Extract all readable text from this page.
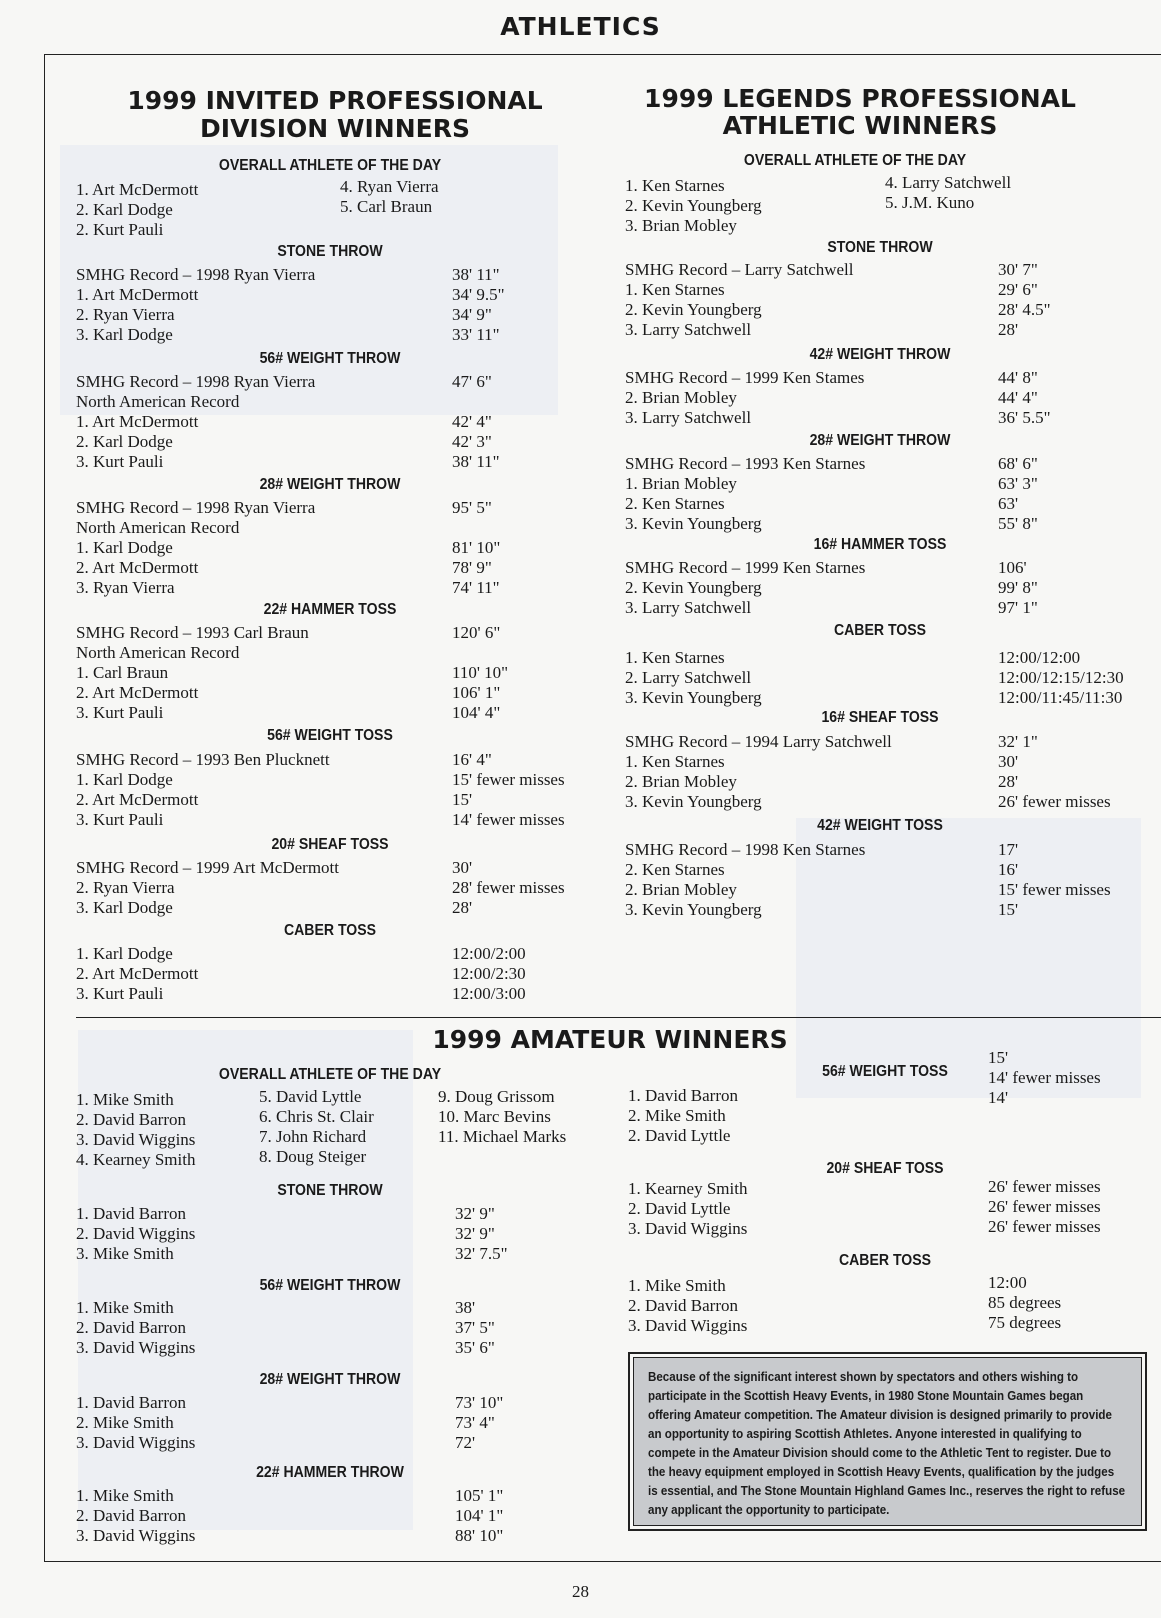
ATHLETICS
1999 INVITED PROFESSIONAL
DIVISION WINNERS
1999 LEGENDS PROFESSIONAL
ATHLETIC WINNERS
1999 AMATEUR WINNERS
28
Because of the significant interest shown by spectators and others wishing to participate in the Scottish Heavy Events, in 1980 Stone Mountain Games began offering Amateur competition. The Amateur division is designed primarily to provide an opportunity to aspiring Scottish Athletes. Anyone interested in qualifying to compete in the Amateur Division should come to the Athletic Tent to register. Due to the heavy equipment employed in Scottish Heavy Events, qualification by the judges is essential, and The Stone Mountain Highland Games Inc., reserves the right to refuse any applicant the opportunity to participate.
OVERALL ATHLETE OF THE DAY
1. Art McDermott
2. Karl Dodge
2. Kurt Pauli
4. Ryan Vierra
5. Carl Braun
STONE THROW
SMHG Record – 1998 Ryan Vierra
1. Art McDermott
2. Ryan Vierra
3. Karl Dodge
38' 11"
34' 9.5"
34' 9"
33' 11"
56# WEIGHT THROW
SMHG Record – 1998 Ryan Vierra
North American Record
1. Art McDermott
2. Karl Dodge
3. Kurt Pauli
47' 6"
42' 4"
42' 3"
38' 11"
28# WEIGHT THROW
SMHG Record – 1998 Ryan Vierra
North American Record
1. Karl Dodge
2. Art McDermott
3. Ryan Vierra
95' 5"
81' 10"
78' 9"
74' 11"
22# HAMMER TOSS
SMHG Record – 1993 Carl Braun
North American Record
1. Carl Braun
2. Art McDermott
3. Kurt Pauli
120' 6"
110' 10"
106' 1"
104' 4"
56# WEIGHT TOSS
SMHG Record – 1993 Ben Plucknett
1. Karl Dodge
2. Art McDermott
3. Kurt Pauli
16' 4"
15' fewer misses
15'
14' fewer misses
20# SHEAF TOSS
SMHG Record – 1999 Art McDermott
2. Ryan Vierra
3. Karl Dodge
30'
28' fewer misses
28'
CABER TOSS
1. Karl Dodge
2. Art McDermott
3. Kurt Pauli
12:00/2:00
12:00/2:30
12:00/3:00
OVERALL ATHLETE OF THE DAY
1. Ken Starnes
2. Kevin Youngberg
3. Brian Mobley
4. Larry Satchwell
5. J.M. Kuno
STONE THROW
SMHG Record – Larry Satchwell
1. Ken Starnes
2. Kevin Youngberg
3. Larry Satchwell
30' 7"
29' 6"
28' 4.5"
28'
42# WEIGHT THROW
SMHG Record – 1999 Ken Stames
2. Brian Mobley
3. Larry Satchwell
44' 8"
44' 4"
36' 5.5"
28# WEIGHT THROW
SMHG Record – 1993 Ken Starnes
1. Brian Mobley
2. Ken Starnes
3. Kevin Youngberg
68' 6"
63' 3"
63'
55' 8"
16# HAMMER TOSS
SMHG Record – 1999 Ken Starnes
2. Kevin Youngberg
3. Larry Satchwell
106'
99' 8"
97' 1"
CABER TOSS
1. Ken Starnes
2. Larry Satchwell
3. Kevin Youngberg
12:00/12:00
12:00/12:15/12:30
12:00/11:45/11:30
16# SHEAF TOSS
SMHG Record – 1994 Larry Satchwell
1. Ken Starnes
2. Brian Mobley
3. Kevin Youngberg
32' 1"
30'
28'
26' fewer misses
42# WEIGHT TOSS
SMHG Record – 1998 Ken Starnes
2. Ken Starnes
2. Brian Mobley
3. Kevin Youngberg
17'
16'
15' fewer misses
15'
OVERALL ATHLETE OF THE DAY
1. Mike Smith
2. David Barron
3. David Wiggins
4. Kearney Smith
5. David Lyttle
6. Chris St. Clair
7. John Richard
8. Doug Steiger
9. Doug Grissom
10. Marc Bevins
11. Michael Marks
STONE THROW
1. David Barron
2. David Wiggins
3. Mike Smith
32' 9"
32' 9"
32' 7.5"
56# WEIGHT THROW
1. Mike Smith
2. David Barron
3. David Wiggins
38'
37' 5"
35' 6"
28# WEIGHT THROW
1. David Barron
2. Mike Smith
3. David Wiggins
73' 10"
73' 4"
72'
22# HAMMER THROW
1. Mike Smith
2. David Barron
3. David Wiggins
105' 1"
104' 1"
88' 10"
56# WEIGHT TOSS
1. David Barron
2. Mike Smith
2. David Lyttle
15'
14' fewer misses
14'
20# SHEAF TOSS
1. Kearney Smith
2. David Lyttle
3. David Wiggins
26' fewer misses
26' fewer misses
26' fewer misses
CABER TOSS
1. Mike Smith
2. David Barron
3. David Wiggins
12:00
85 degrees
75 degrees
